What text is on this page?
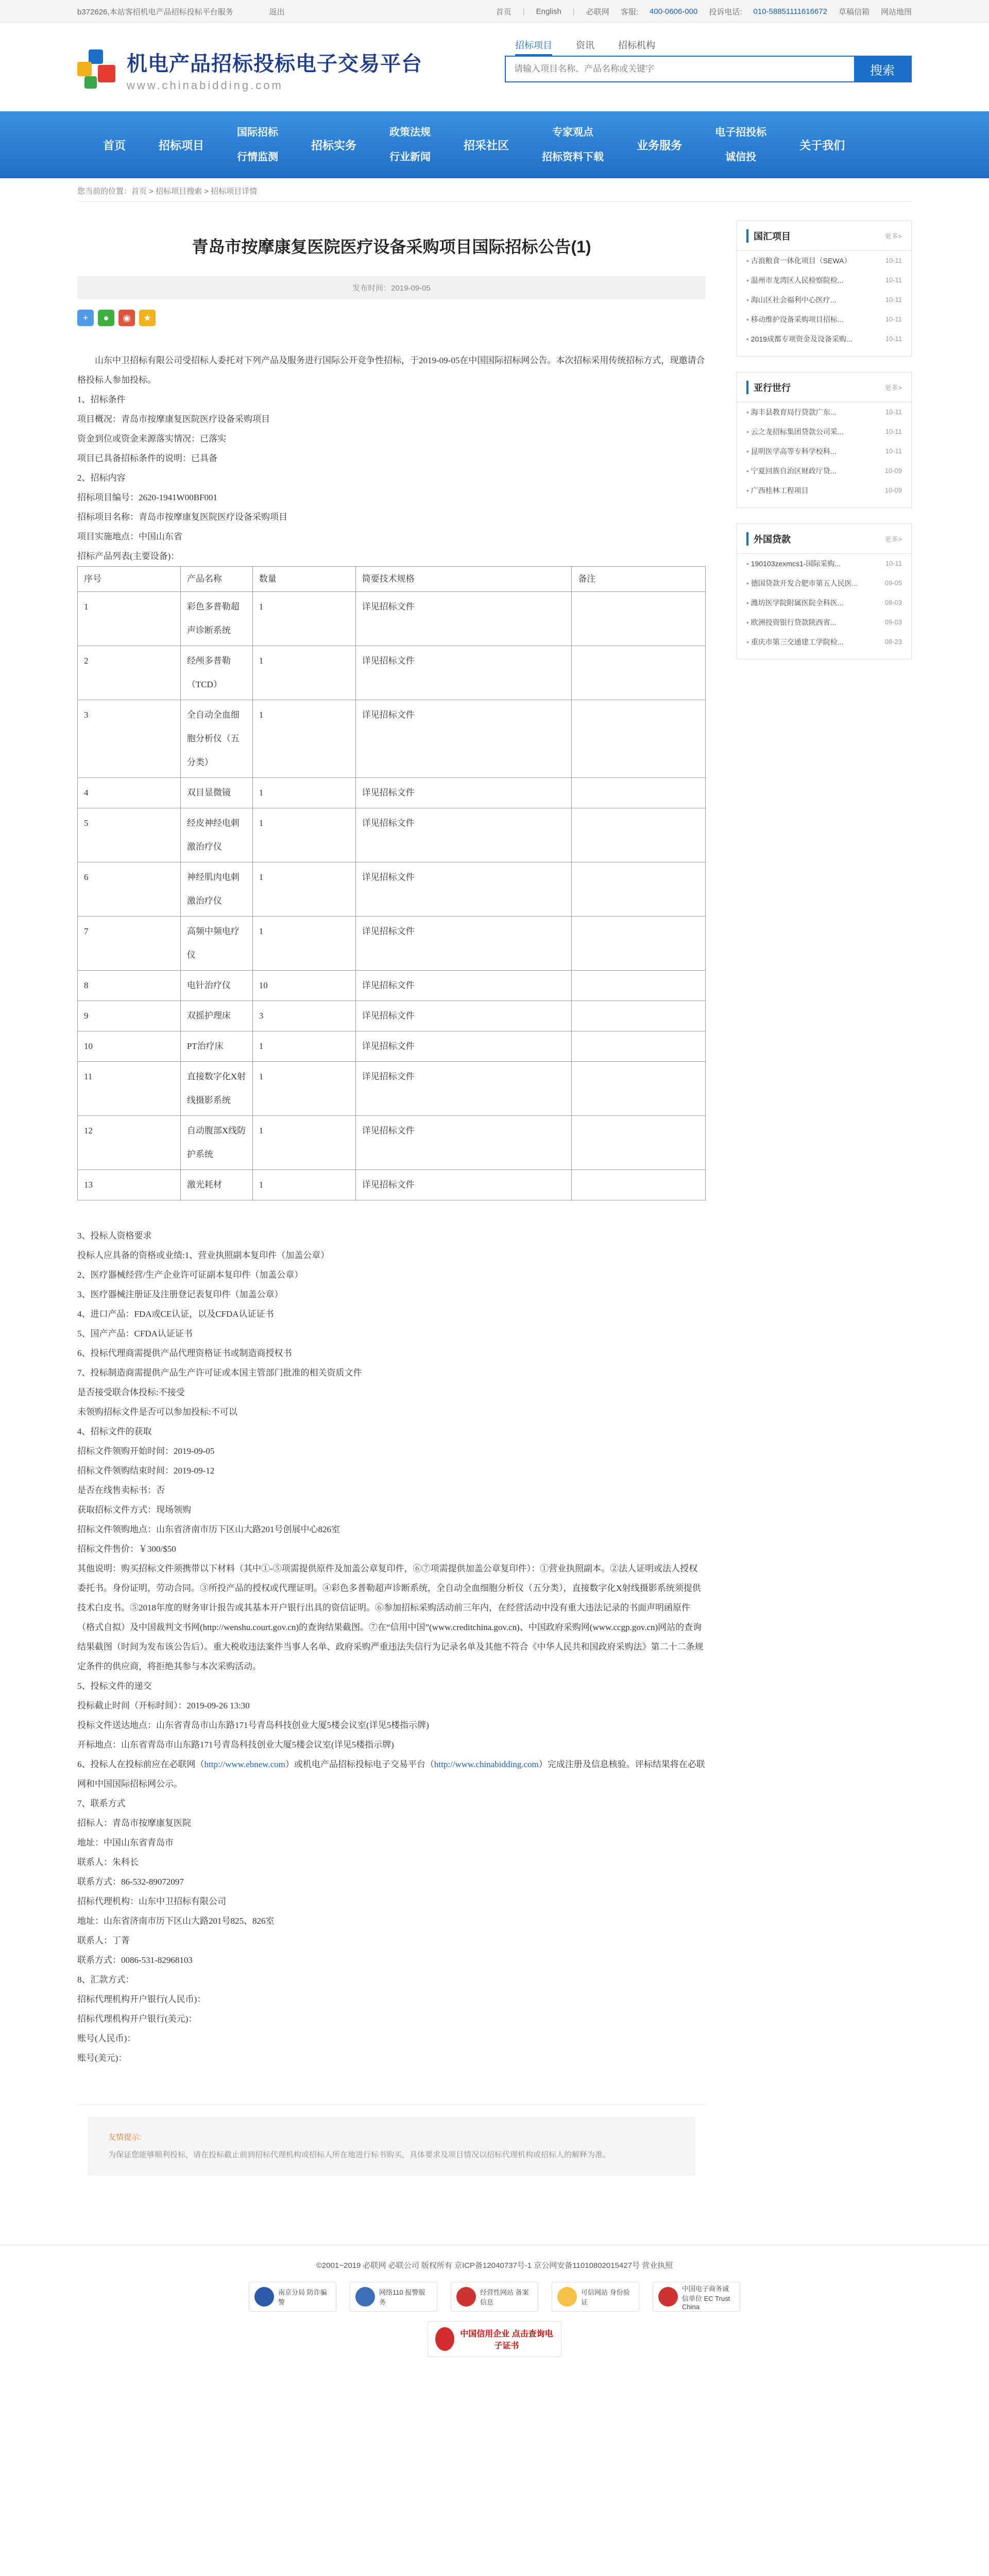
b372626,本站客招机电产品招标投标平台服务	返出	首页 | English | 必联网 客服: 400-0606-000 投诉电话: 010-58851111616672 草稿信箱 网站地图
机电产品招标投标电子交易平台
www.chinabidding.com
招标项目	资讯	招标机构
请输入项目名称、产品名称或关键字
搜索
首页	招标项目
国际招标
行情监测
招标实务
政策法规
行业新闻
招采社区
专家观点
招标资料下载
业务服务
电子招投标
诚信投
关于我们
您当前的位置：首页 > 招标项目搜索 > 招标项目详情
青岛市按摩康复医院医疗设备采购项目国际招标公告(1)
发布时间：2019-09-05
+	●	◉	★

山东中卫招标有限公司受招标人委托对下列产品及服务进行国际公开竞争性招标，于2019-09-05在中国国际招标网公告。本次招标采用传统招标方式，现邀请合格投标人参加投标。

1、招标条件

项目概况：青岛市按摩康复医院医疗设备采购项目

资金到位或资金来源落实情况：已落实

项目已具备招标条件的说明：已具备

2、招标内容

招标项目编号：2620-1941W00BF001

招标项目名称：青岛市按摩康复医院医疗设备采购项目

项目实施地点：中国山东省

招标产品列表(主要设备)：

序号	产品名称	数量	简要技术规格	备注
1	彩色多普勒超声诊断系统	1	详见招标文件	
2	经颅多普勒（TCD）	1	详见招标文件	
3	全自动全血细胞分析仪（五分类）	1	详见招标文件	
4	双目显微镜	1	详见招标文件	
5	经皮神经电刺激治疗仪	1	详见招标文件	
6	神经肌肉电刺激治疗仪	1	详见招标文件	
7	高频中频电疗仪	1	详见招标文件	
8	电针治疗仪	10	详见招标文件	
9	双摇护理床	3	详见招标文件	
10	PT治疗床	1	详见招标文件	
11	直接数字化X射线摄影系统	1	详见招标文件	
12	自动腹部X线防护系统	1	详见招标文件	
13	激光耗材	1	详见招标文件	

3、投标人资格要求

投标人应具备的资格或业绩:1、营业执照副本复印件（加盖公章）

2、医疗器械经营/生产企业许可证副本复印件（加盖公章）

3、医疗器械注册证及注册登记表复印件（加盖公章）

4、进口产品：FDA或CE认证，以及CFDA认证证书

5、国产产品：CFDA认证证书

6、投标代理商需提供产品代理资格证书或制造商授权书

7、投标制造商需提供产品生产许可证或本国主管部门批准的相关资质文件

是否接受联合体投标:不接受

未领购招标文件是否可以参加投标:不可以

4、招标文件的获取

招标文件领购开始时间：2019-09-05

招标文件领购结束时间：2019-09-12

是否在线售卖标书：否

获取招标文件方式：现场领购

招标文件领购地点：山东省济南市历下区山大路201号创展中心826室

招标文件售价：￥300/$50

其他说明：购买招标文件须携带以下材料（其中①-⑤项需提供原件及加盖公章复印件，⑥⑦项需提供加盖公章复印件）：①营业执照副本。②法人证明或法人授权委托书。身份证明，劳动合同。③所投产品的授权或代理证明。④彩色多普勒超声诊断系统，全自动全血细胞分析仪（五分类），直接数字化X射线摄影系统须提供技术白皮书。⑤2018年度的财务审计报告或其基本开户银行出具的资信证明。⑥参加招标采购活动前三年内，在经营活动中没有重大违法记录的书面声明函原件（格式自拟）及中国裁判文书网(http://wenshu.court.gov.cn)的查询结果截图。⑦在“信用中国”(www.creditchina.gov.cn)、中国政府采购网(www.ccgp.gov.cn)网站的查询结果截图（时间为发布该公告后）。重大税收违法案件当事人名单、政府采购严重违法失信行为记录名单及其他不符合《中华人民共和国政府采购法》第二十二条规定条件的供应商，将拒绝其参与本次采购活动。

5、投标文件的递交

投标截止时间（开标时间）：2019-09-26 13:30

投标文件送达地点：山东省青岛市山东路171号青岛科技创业大厦5楼会议室(详见5楼指示牌)

开标地点：山东省青岛市山东路171号青岛科技创业大厦5楼会议室(详见5楼指示牌)

6、投标人在投标前应在必联网（http://www.ebnew.com）或机电产品招标投标电子交易平台（http://www.chinabidding.com）完成注册及信息核验。评标结果将在必联网和中国国际招标网公示。

7、联系方式

招标人：青岛市按摩康复医院

地址：中国山东省青岛市

联系人：朱科长

联系方式：86-532-89072097

招标代理机构：山东中卫招标有限公司

地址：山东省济南市历下区山大路201号825、826室

联系人：丁菁

联系方式：0086-531-82968103

8、汇款方式：

招标代理机构开户银行(人民币)：

招标代理机构开户银行(美元)：

账号(人民币)：

账号(美元)：

友情提示:
为保证您能够顺利投标，请在投标截止前到招标代理机构或招标人所在地进行标书购买，具体要求及项目情况以招标代理机构或招标人的解释为准。
国汇项目	更多>
• 古浪粮食一体化项目（SEWA）	10-11
• 温州市龙湾区人民检察院检...	10-11
• 海山区社会福利中心医疗...	10-11
• 移动维护设备采购项目招标...	10-11
• 2019成都专项资金及设备采购...	10-11
亚行世行	更多>
• 海丰县教育局行贷款广东...	10-11
• 云之龙招标集团贷款公司采...	10-11
• 昆明医学高等专科学校科...	10-11
• 宁夏回族自治区财政厅贷...	10-09
• 广西桂林工程项目	10-09
外国贷款	更多>
• 190103zexmcs1-国际采购...	10-11
• 德国贷款开发合肥市第五人民医...	09-05
• 潍坊医学院附属医院全科医...	09-03
• 欧洲投资银行贷款陕西省...	09-03
• 重庆市第三交通建工学院检...	08-23
©2001~2019 必联网 必联公司 版权所有 京ICP备12040737号-1 京公网安备11010802015427号 营业执照
南京分局 防诈骗警
网络110 报警服务
经营性网站 备案信息
可信网站 身份验证
中国电子商务诚信单位 EC Trust China
中国信用企业 点击查询电子证书
